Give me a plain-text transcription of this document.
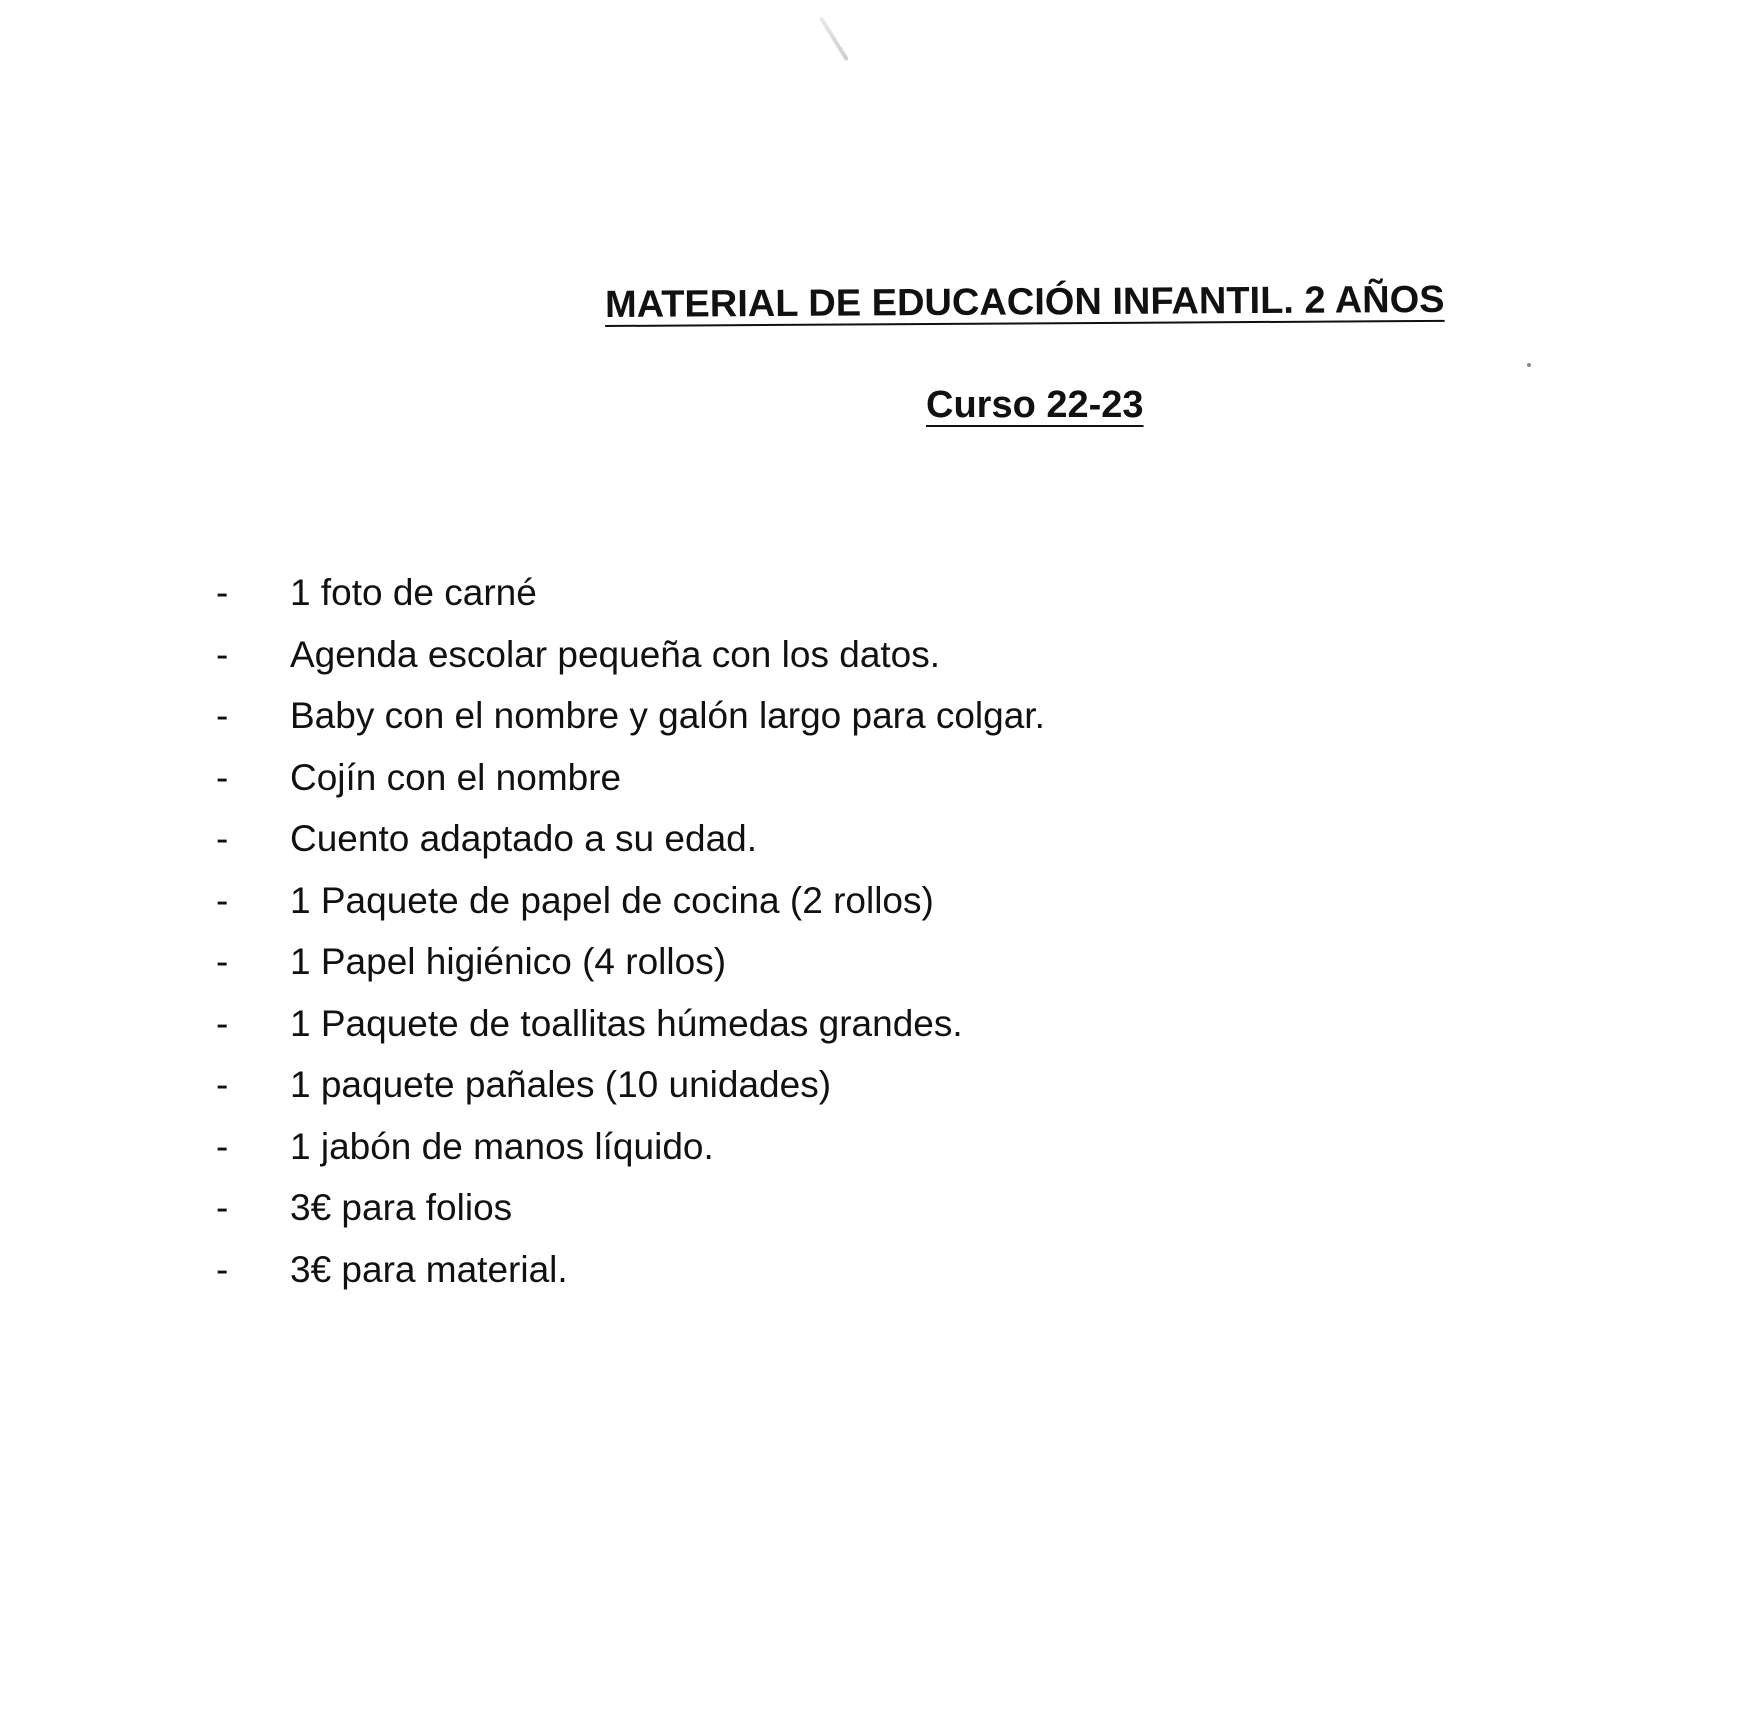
MATERIAL DE EDUCACIÓN INFANTIL. 2 AÑOS
Curso 22-23
- 1 foto de carné
- Agenda escolar pequeña con los datos.
- Baby con el nombre y galón largo para colgar.
- Cojín con el nombre
- Cuento adaptado a su edad.
- 1 Paquete de papel de cocina (2 rollos)
- 1 Papel higiénico (4 rollos)
- 1 Paquete de toallitas húmedas grandes.
- 1 paquete pañales (10 unidades)
- 1 jabón de manos líquido.
- 3€ para folios
- 3€ para material.
